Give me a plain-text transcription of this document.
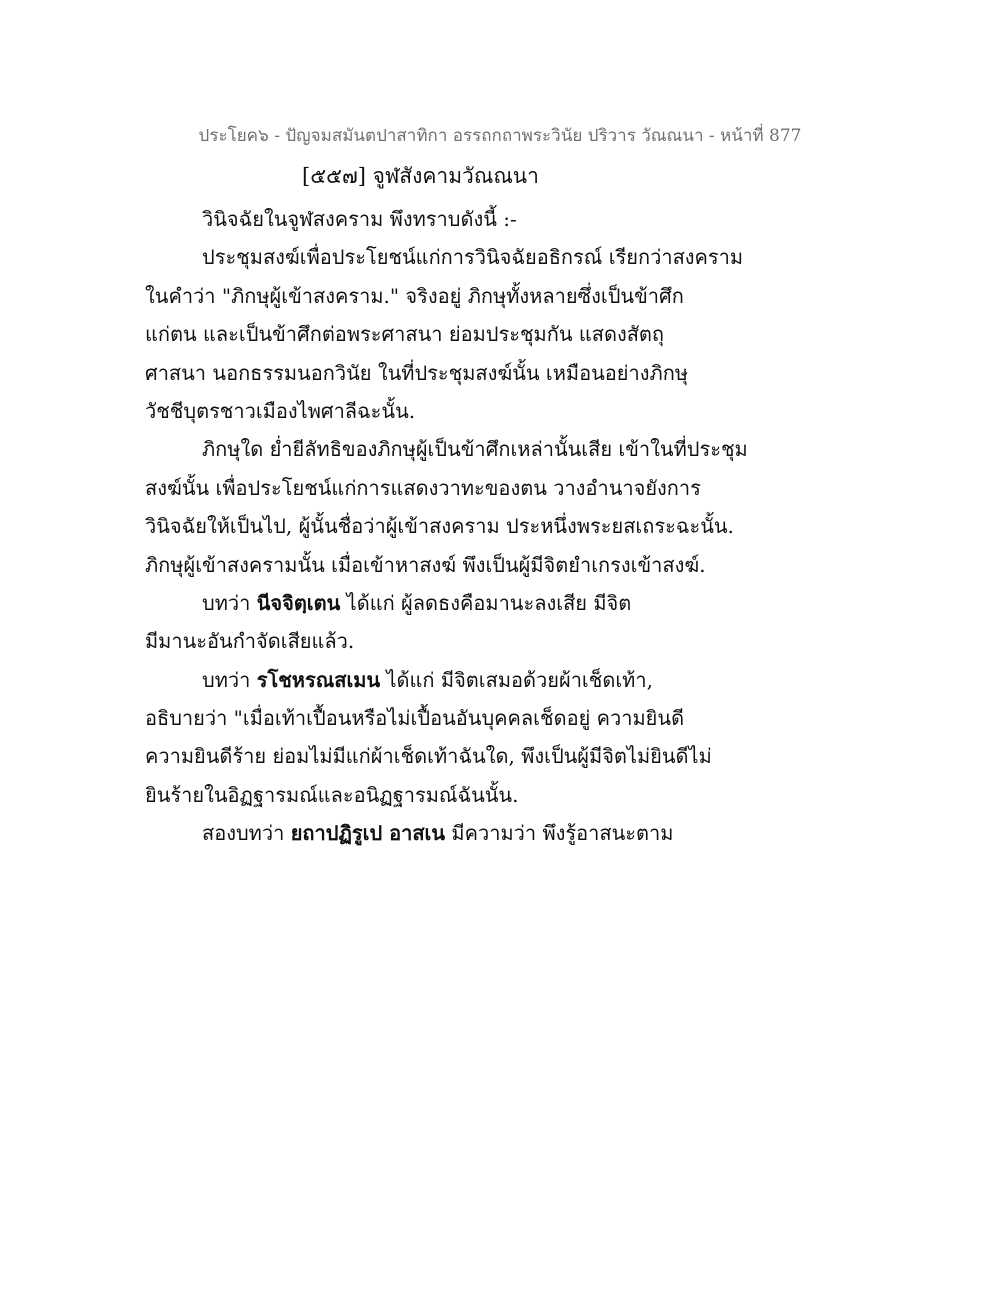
ประโยค๖ - ปัญจมสมันตปาสาทิกา อรรถกถาพระวินัย ปริวาร วัณณนา - หน้าที่ 877
[๕๕๗] จูฬสังคามวัณณนา
วินิจฉัยในจูฬสงคราม พึงทราบดังนี้ :-
ประชุมสงฆ์เพื่อประโยชน์แก่การวินิจฉัยอธิกรณ์ เรียกว่าสงคราม
ในคำว่า "ภิกษุผู้เข้าสงคราม." จริงอยู่ ภิกษุทั้งหลายซึ่งเป็นข้าศึก
แก่ตน และเป็นข้าศึกต่อพระศาสนา ย่อมประชุมกัน แสดงสัตถุ
ศาสนา นอกธรรมนอกวินัย ในที่ประชุมสงฆ์นั้น เหมือนอย่างภิกษุ
วัชชีบุตรชาวเมืองไพศาลีฉะนั้น.
ภิกษุใด ย่ำยีลัทธิของภิกษุผู้เป็นข้าศึกเหล่านั้นเสีย เข้าในที่ประชุม
สงฆ์นั้น เพื่อประโยชน์แก่การแสดงวาทะของตน วางอำนาจยังการ
วินิจฉัยให้เป็นไป, ผู้นั้นชื่อว่าผู้เข้าสงคราม ประหนึ่งพระยสเถระฉะนั้น.
ภิกษุผู้เข้าสงครามนั้น เมื่อเข้าหาสงฆ์ พึงเป็นผู้มีจิตยำเกรงเข้าสงฆ์.
บทว่า นีจจิตฺเตน ได้แก่ ผู้ลดธงคือมานะลงเสีย มีจิต
มีมานะอันกำจัดเสียแล้ว.
บทว่า รโชหรณสเมน ได้แก่ มีจิตเสมอด้วยผ้าเช็ดเท้า,
อธิบายว่า "เมื่อเท้าเปื้อนหรือไม่เปื้อนอันบุคคลเช็ดอยู่ ความยินดี
ความยินดีร้าย ย่อมไม่มีแก่ผ้าเช็ดเท้าฉันใด, พึงเป็นผู้มีจิตไม่ยินดีไม่
ยินร้ายในอิฏฐารมณ์และอนิฏฐารมณ์ฉันนั้น.
สองบทว่า ยถาปฏิรูเป อาสเน มีความว่า พึงรู้อาสนะตาม
